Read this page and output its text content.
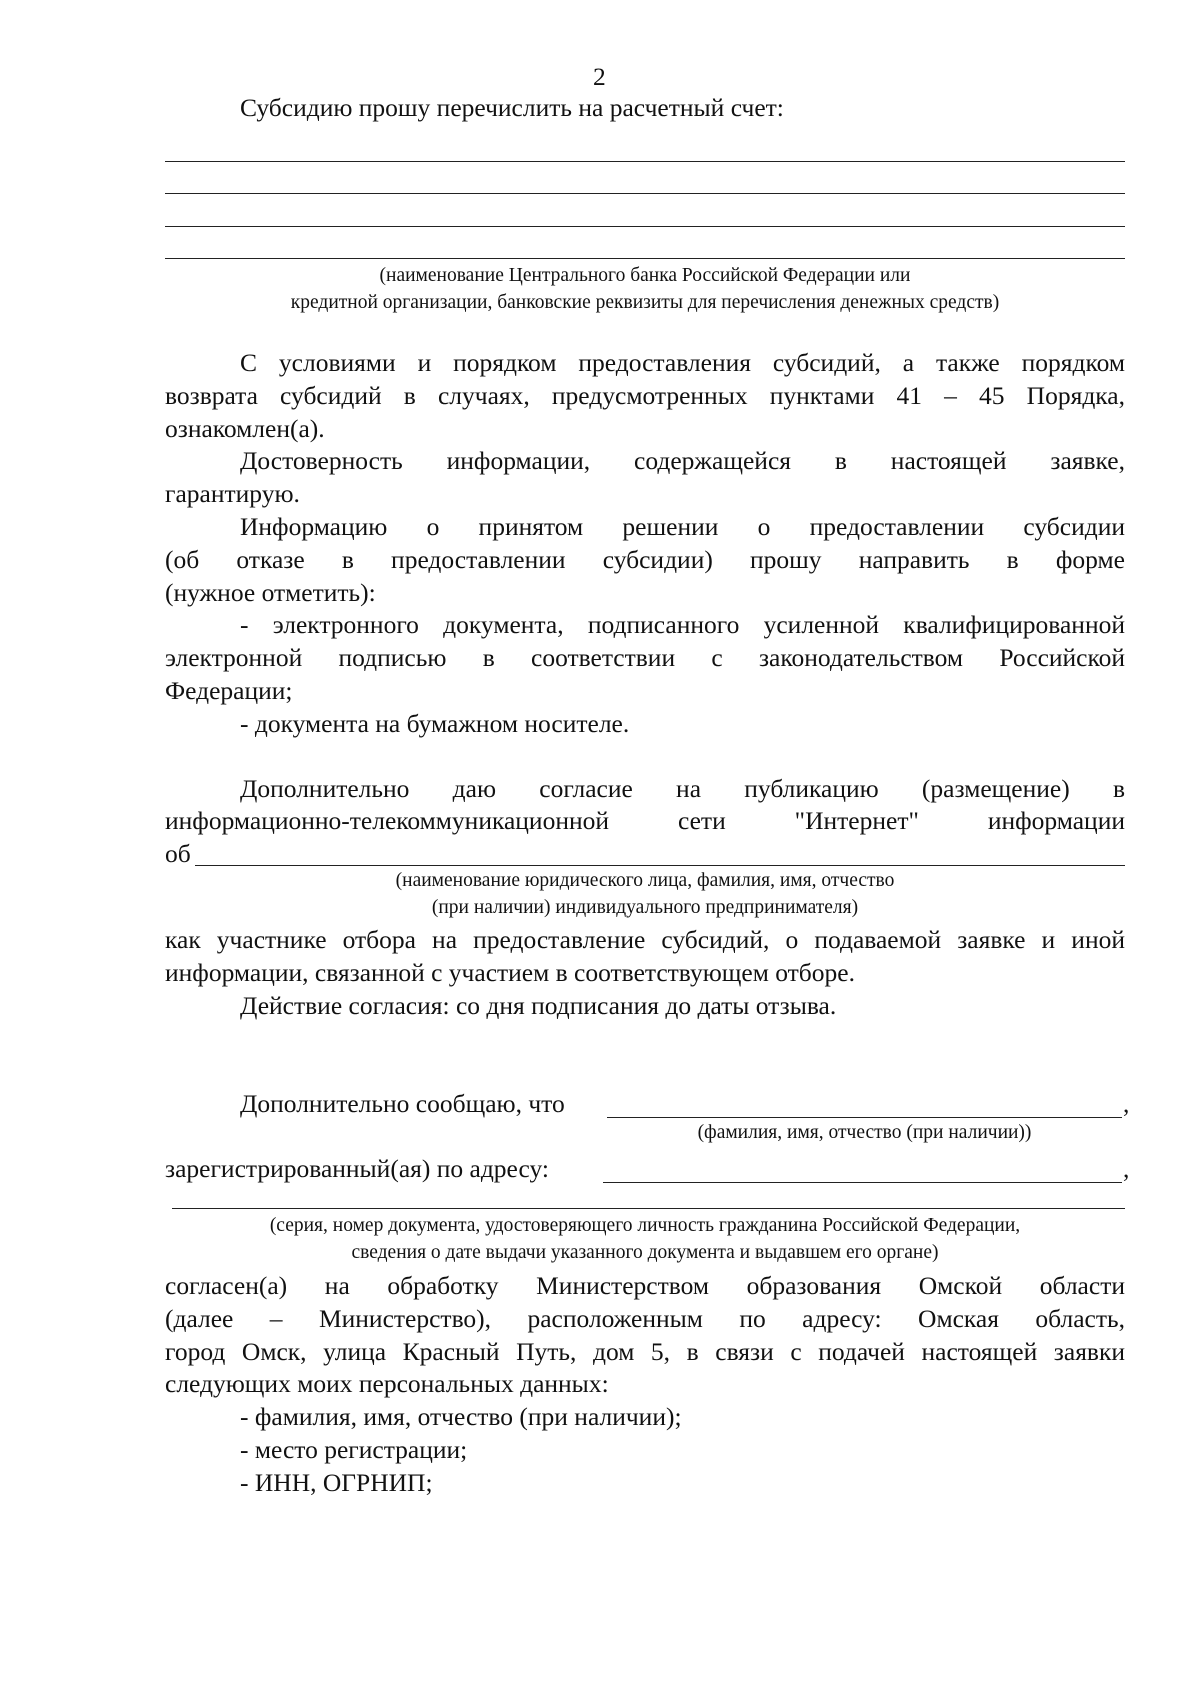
2
Субсидию прошу перечислить на расчетный счет:
(наименование Центрального банка Российской Федерации или
кредитной организации, банковские реквизиты для перечисления денежных средств)
С условиями и порядком предоставления субсидий, а также порядком
возврата субсидий в случаях, предусмотренных пунктами 41 – 45 Порядка,
ознакомлен(а).
Достоверность информации, содержащейся в настоящей заявке,
гарантирую.
Информацию о принятом решении о предоставлении субсидии
(об отказе в предоставлении субсидии) прошу направить в форме
(нужное отметить):
- электронного документа, подписанного усиленной квалифицированной
электронной подписью в соответствии с законодательством Российской
Федерации;
- документа на бумажном носителе.
Дополнительно даю согласие на публикацию (размещение) в
информационно-телекоммуникационной сети "Интернет" информации
об
(наименование юридического лица, фамилия, имя, отчество
(при наличии) индивидуального предпринимателя)
как участнике отбора на предоставление субсидий, о подаваемой заявке и иной
информации, связанной с участием в соответствующем отборе.
Действие согласия: со дня подписания до даты отзыва.
Дополнительно сообщаю, что	,
(фамилия, имя, отчество (при наличии))
зарегистрированный(ая) по адресу:	,
(серия, номер документа, удостоверяющего личность гражданина Российской Федерации,
сведения о дате выдачи указанного документа и выдавшем его органе)
согласен(а) на обработку Министерством образования Омской области
(далее – Министерство), расположенным по адресу: Омская область,
город Омск, улица Красный Путь, дом 5, в связи с подачей настоящей заявки
следующих моих персональных данных:
- фамилия, имя, отчество (при наличии);
- место регистрации;
- ИНН, ОГРНИП;
